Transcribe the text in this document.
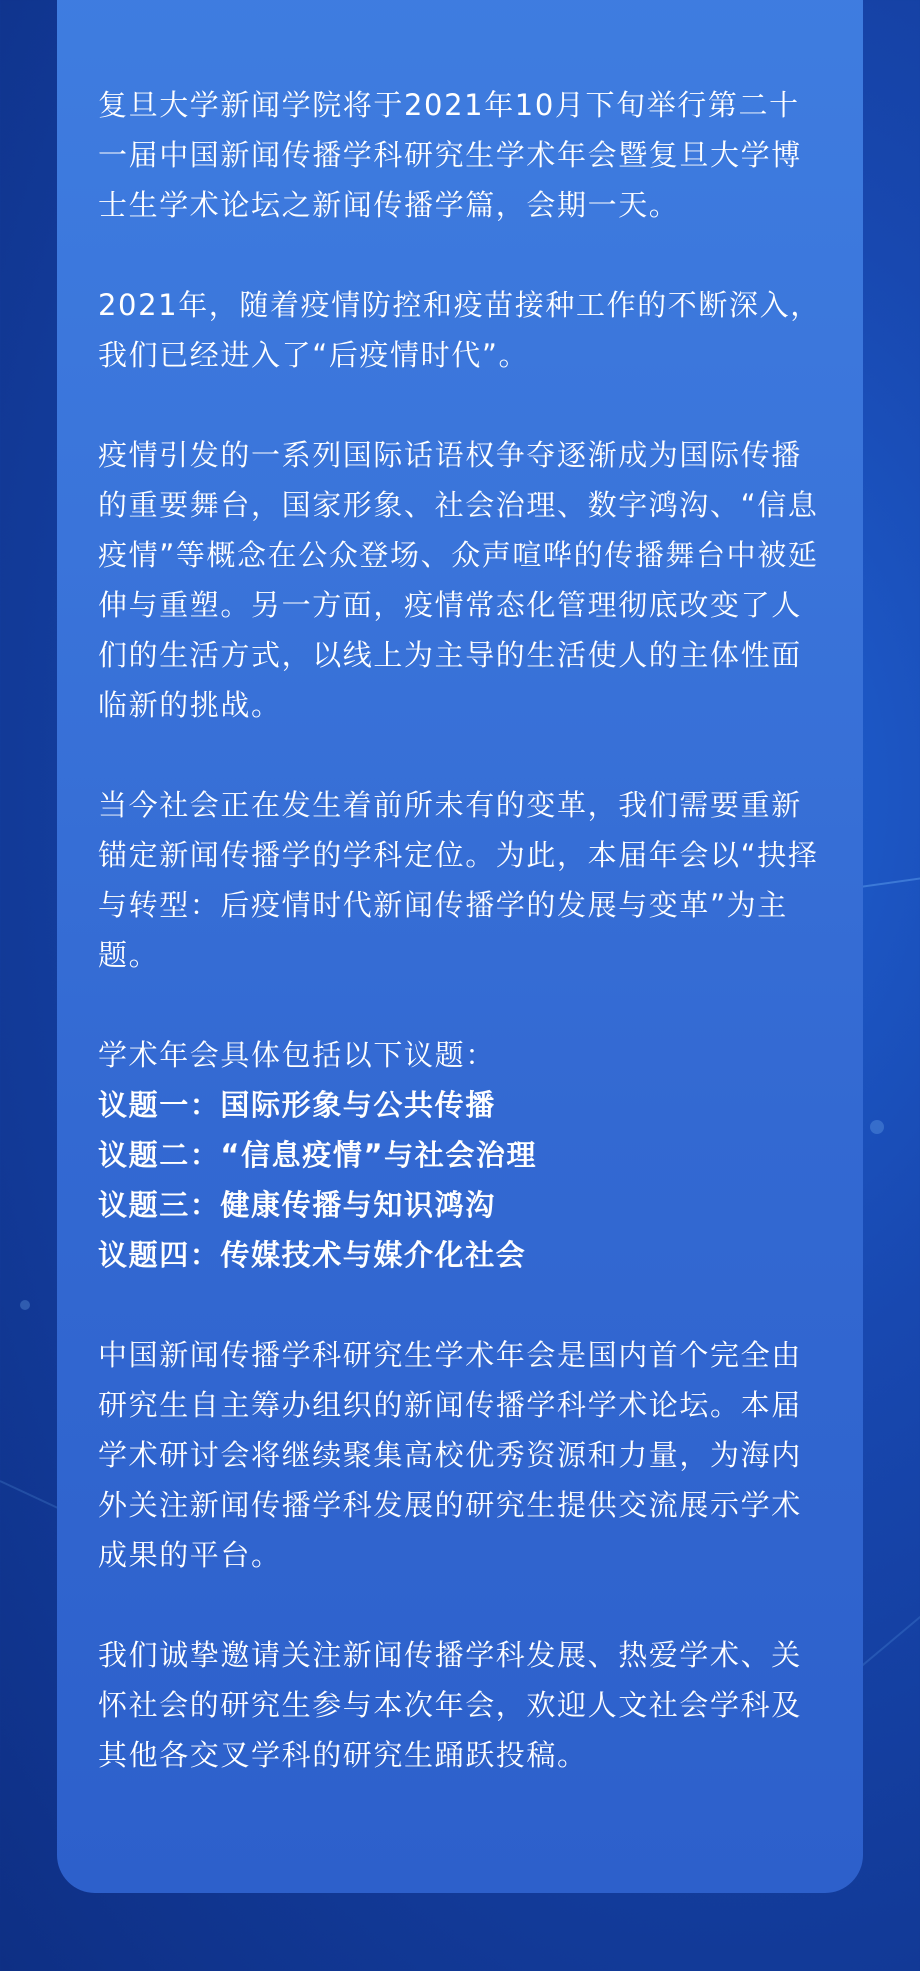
复旦大学新闻学院将于2021年10月下旬举行第二十一届中国新闻传播学科研究生学术年会暨复旦大学博士生学术论坛之新闻传播学篇，会期一天。

2021年，随着疫情防控和疫苗接种工作的不断深入，我们已经进入了“后疫情时代”。

疫情引发的一系列国际话语权争夺逐渐成为国际传播的重要舞台，国家形象、社会治理、数字鸿沟、“信息疫情”等概念在公众登场、众声喧哗的传播舞台中被延伸与重塑。另一方面，疫情常态化管理彻底改变了人们的生活方式，以线上为主导的生活使人的主体性面临新的挑战。

当今社会正在发生着前所未有的变革，我们需要重新锚定新闻传播学的学科定位。为此，本届年会以“抉择与转型：后疫情时代新闻传播学的发展与变革”为主题。

学术年会具体包括以下议题：
议题一：国际形象与公共传播
议题二：“信息疫情”与社会治理
议题三：健康传播与知识鸿沟
议题四：传媒技术与媒介化社会

中国新闻传播学科研究生学术年会是国内首个完全由研究生自主筹办组织的新闻传播学科学术论坛。本届学术研讨会将继续聚集高校优秀资源和力量，为海内外关注新闻传播学科发展的研究生提供交流展示学术成果的平台。

我们诚挚邀请关注新闻传播学科发展、热爱学术、关怀社会的研究生参与本次年会，欢迎人文社会学科及其他各交叉学科的研究生踊跃投稿。
